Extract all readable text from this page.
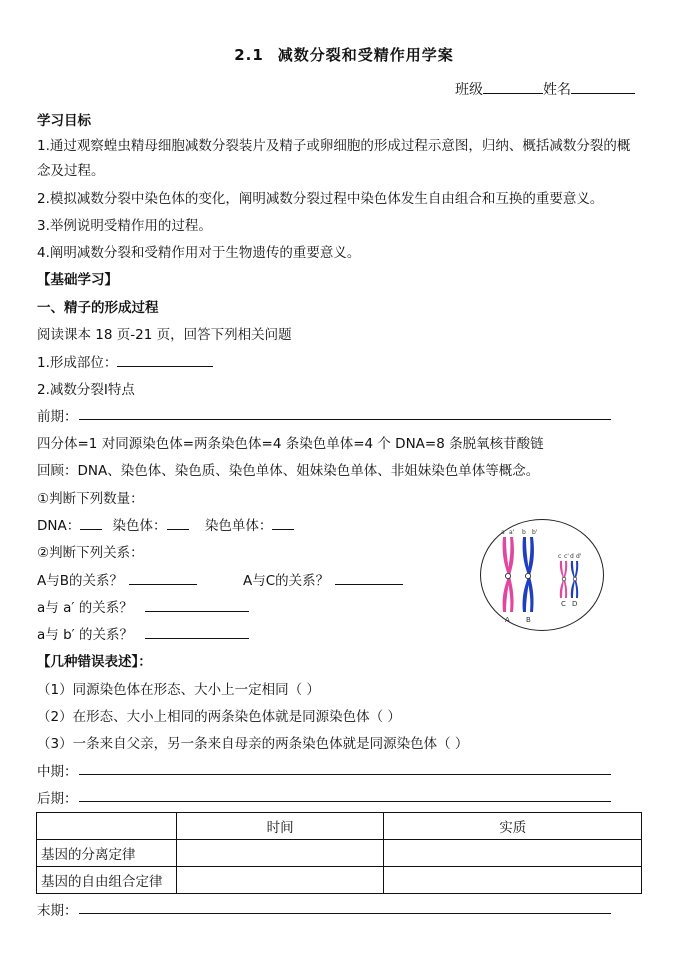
2.1 减数分裂和受精作用学案
班级	姓名
学习目标
1.通过观察蝗虫精母细胞减数分裂装片及精子或卵细胞的形成过程示意图，归纳、概括减数分裂的概
念及过程。
2.模拟减数分裂中染色体的变化，阐明减数分裂过程中染色体发生自由组合和互换的重要意义。
3.举例说明受精作用的过程。
4.阐明减数分裂和受精作用对于生物遗传的重要意义。
【基础学习】
一、精子的形成过程
阅读课本 18 页-21 页，回答下列相关问题
1.形成部位：
2.减数分裂Ⅰ特点
前期：
四分体=1 对同源染色体=两条染色体=4 条染色单体=4 个 DNA=8 条脱氧核苷酸链
回顾：DNA、染色体、染色质、染色单体、姐妹染色单体、非姐妹染色单体等概念。
①判断下列数量：
DNA： 染色体：	染色单体：
②判断下列关系：
A与B的关系？	A与C的关系？
a与 a′ 的关系？
a与 b′ 的关系？
a a' b b'
c c' d d'
A B
C D
【几种错误表述】：
（1）同源染色体在形态、大小上一定相同（ ）
（2）在形态、大小上相同的两条染色体就是同源染色体（ ）
（3）一条来自父亲，另一条来自母亲的两条染色体就是同源染色体（ ）
中期：
后期：
	时间	实质
基因的分离定律		
基因的自由组合定律		
末期：
